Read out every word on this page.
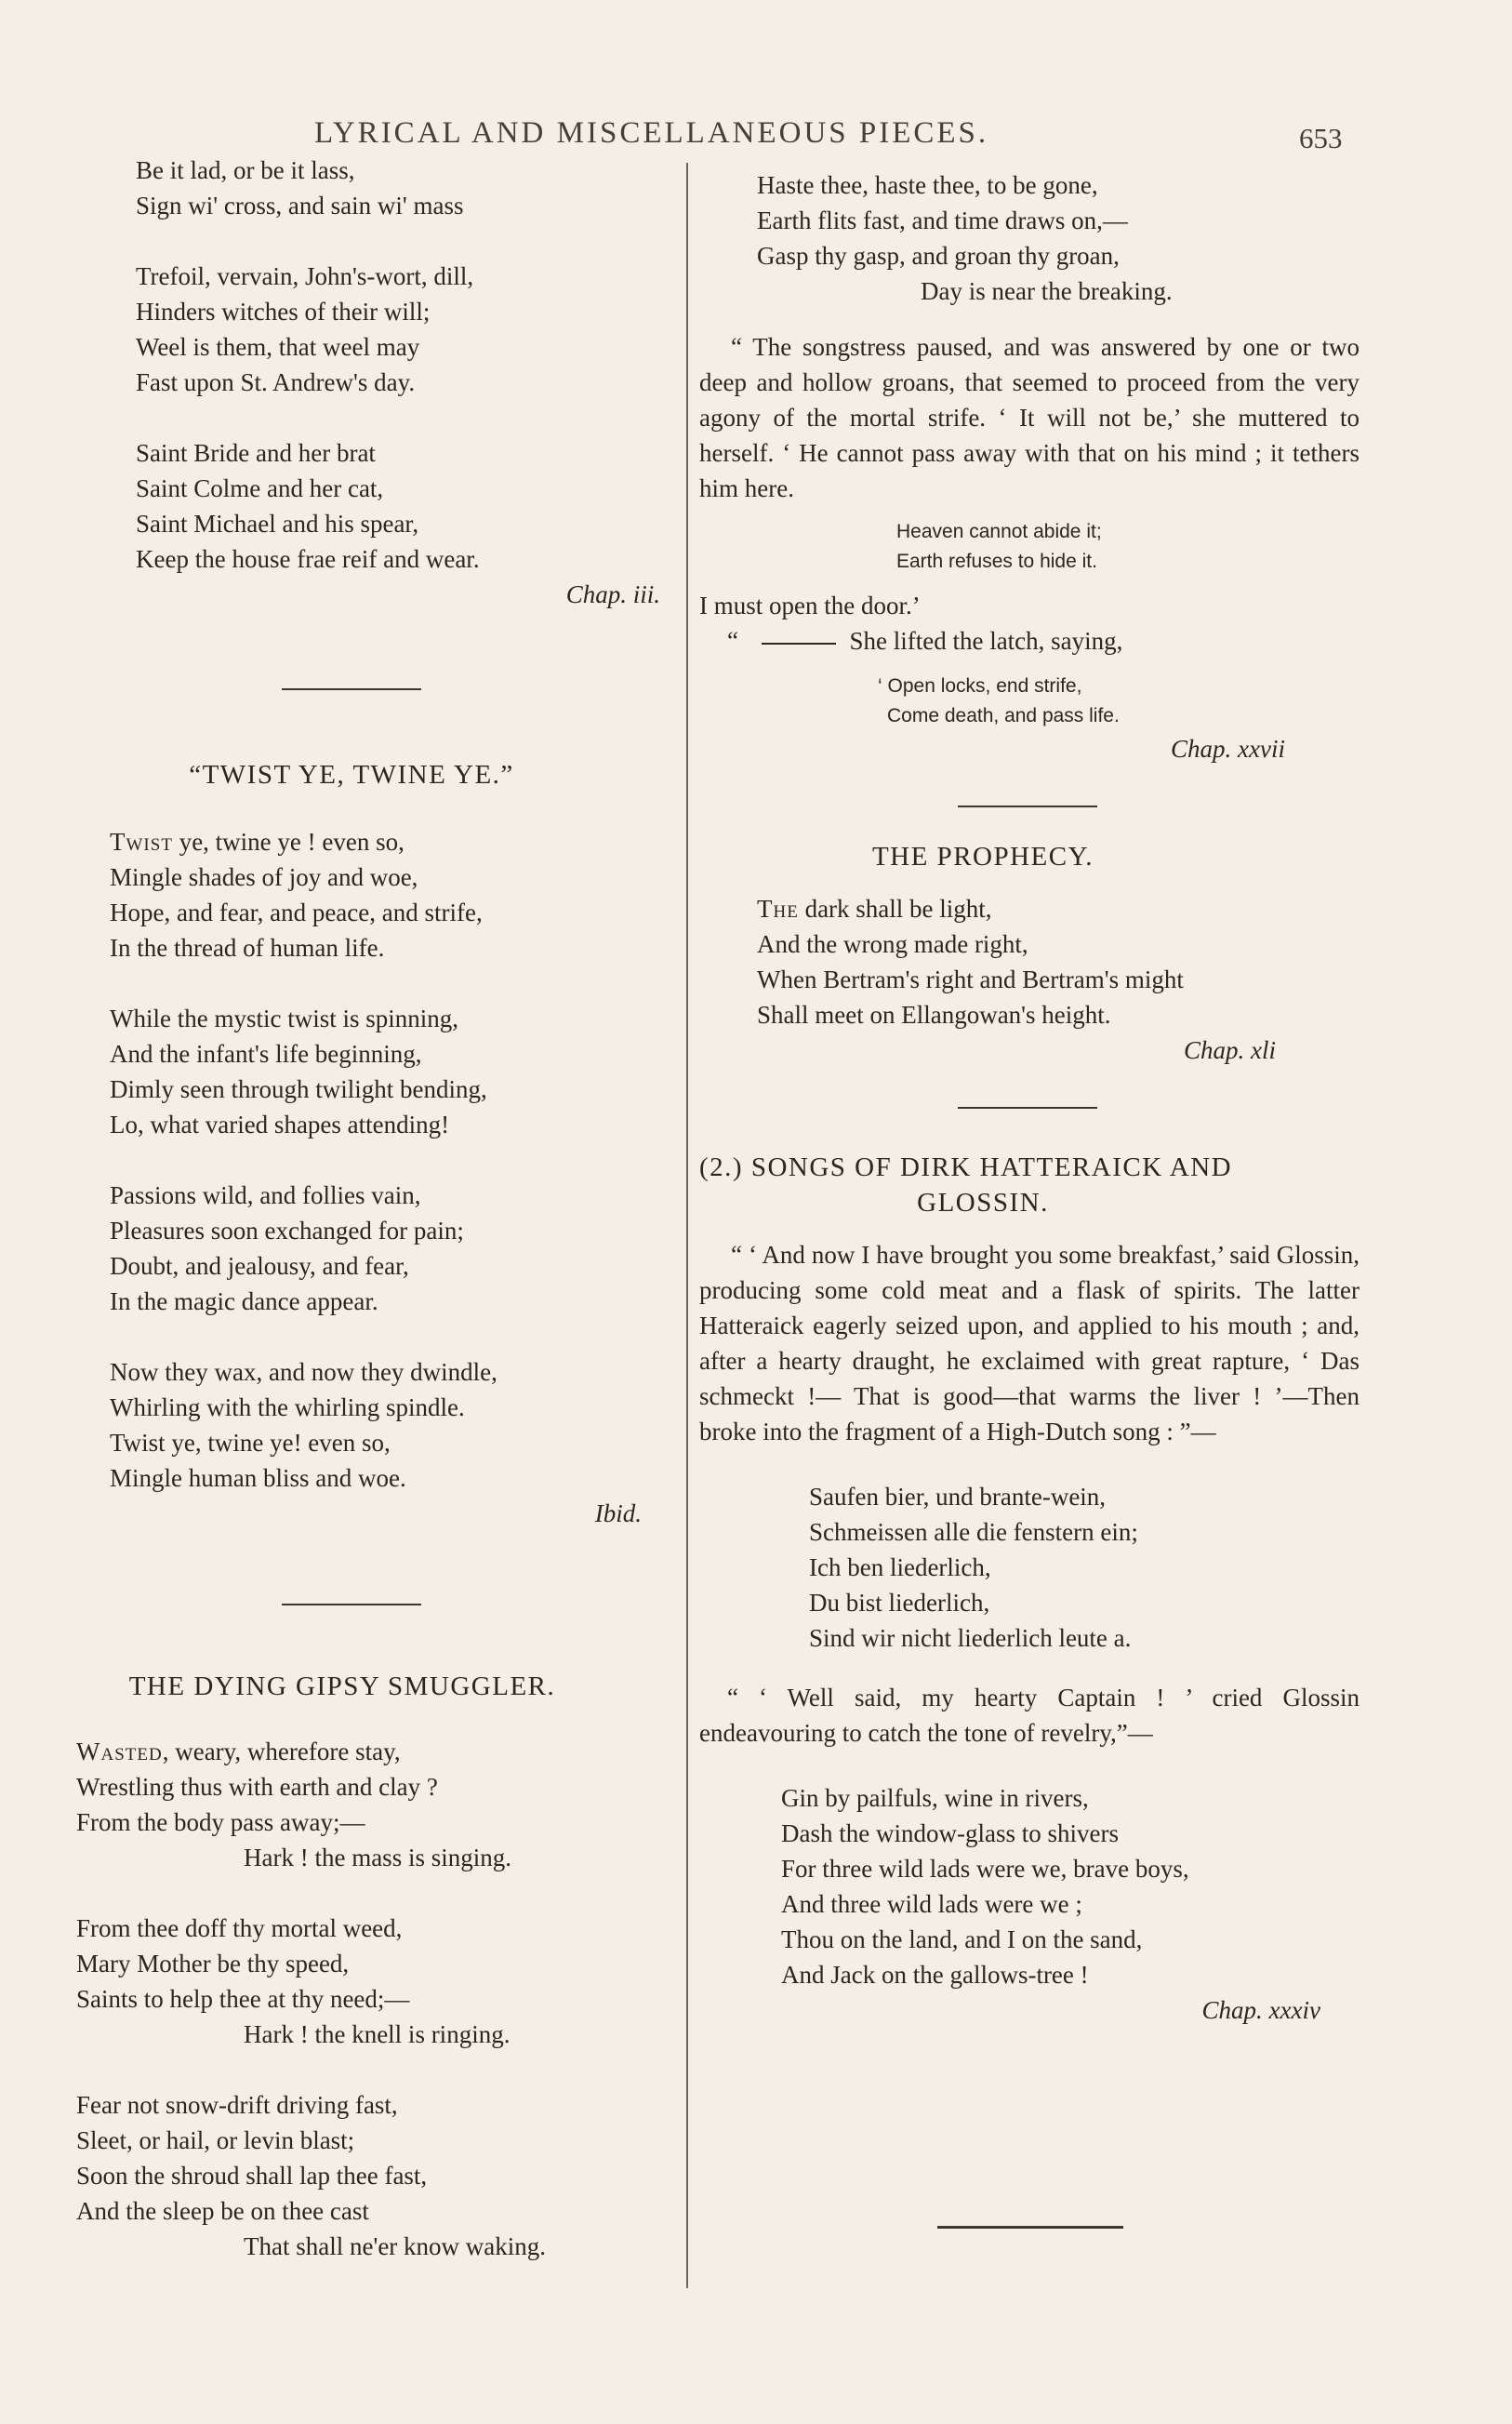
LYRICAL AND MISCELLANEOUS PIECES.	653
Be it lad, or be it lass,
Sign wi' cross, and sain wi' mass
Trefoil, vervain, John's-wort, dill,
Hinders witches of their will;
Weel is them, that weel may
Fast upon St. Andrew's day.
Saint Bride and her brat
Saint Colme and her cat,
Saint Michael and his spear,
Keep the house frae reif and wear.
Chap. iii.
“TWIST YE, TWINE YE.”
Twist ye, twine ye ! even so,
Mingle shades of joy and woe,
Hope, and fear, and peace, and strife,
In the thread of human life.
While the mystic twist is spinning,
And the infant's life beginning,
Dimly seen through twilight bending,
Lo, what varied shapes attending!
Passions wild, and follies vain,
Pleasures soon exchanged for pain;
Doubt, and jealousy, and fear,
In the magic dance appear.
Now they wax, and now they dwindle,
Whirling with the whirling spindle.
Twist ye, twine ye! even so,
Mingle human bliss and woe.
Ibid.
THE DYING GIPSY SMUGGLER.
Wasted, weary, wherefore stay,
Wrestling thus with earth and clay ?
From the body pass away;—
Hark ! the mass is singing.
From thee doff thy mortal weed,
Mary Mother be thy speed,
Saints to help thee at thy need;—
Hark ! the knell is ringing.
Fear not snow-drift driving fast,
Sleet, or hail, or levin blast;
Soon the shroud shall lap thee fast,
And the sleep be on thee cast
That shall ne'er know waking.
Haste thee, haste thee, to be gone,
Earth flits fast, and time draws on,—
Gasp thy gasp, and groan thy groan,
Day is near the breaking.
“ The songstress paused, and was answered by one or two deep and hollow groans, that seemed to proceed from the very agony of the mortal strife. ‘ It will not be,’ she muttered to herself. ‘ He cannot pass away with that on his mind ; it tethers him here.
Heaven cannot abide it;
Earth refuses to hide it.
I must open the door.’
“	She lifted the latch, saying,
‘ Open locks, end strife,
Come death, and pass life.
Chap. xxvii
THE PROPHECY.
The dark shall be light,
And the wrong made right,
When Bertram's right and Bertram's might
Shall meet on Ellangowan's height.
Chap. xli
(2.) SONGS OF DIRK HATTERAICK AND
GLOSSIN.
“ ‘ And now I have brought you some breakfast,’ said Glossin, producing some cold meat and a flask of spirits. The latter Hatteraick eagerly seized upon, and applied to his mouth ; and, after a hearty draught, he exclaimed with great rapture, ‘ Das schmeckt !— That is good—that warms the liver ! ’—Then broke into the fragment of a High-Dutch song : ”—
Saufen bier, und brante-wein,
Schmeissen alle die fenstern ein;
Ich ben liederlich,
Du bist liederlich,
Sind wir nicht liederlich leute a.
“ ‘ Well said, my hearty Captain ! ’ cried Glossin endeavouring to catch the tone of revelry,”—
Gin by pailfuls, wine in rivers,
Dash the window-glass to shivers
For three wild lads were we, brave boys,
And three wild lads were we ;
Thou on the land, and I on the sand,
And Jack on the gallows-tree !
Chap. xxxiv
